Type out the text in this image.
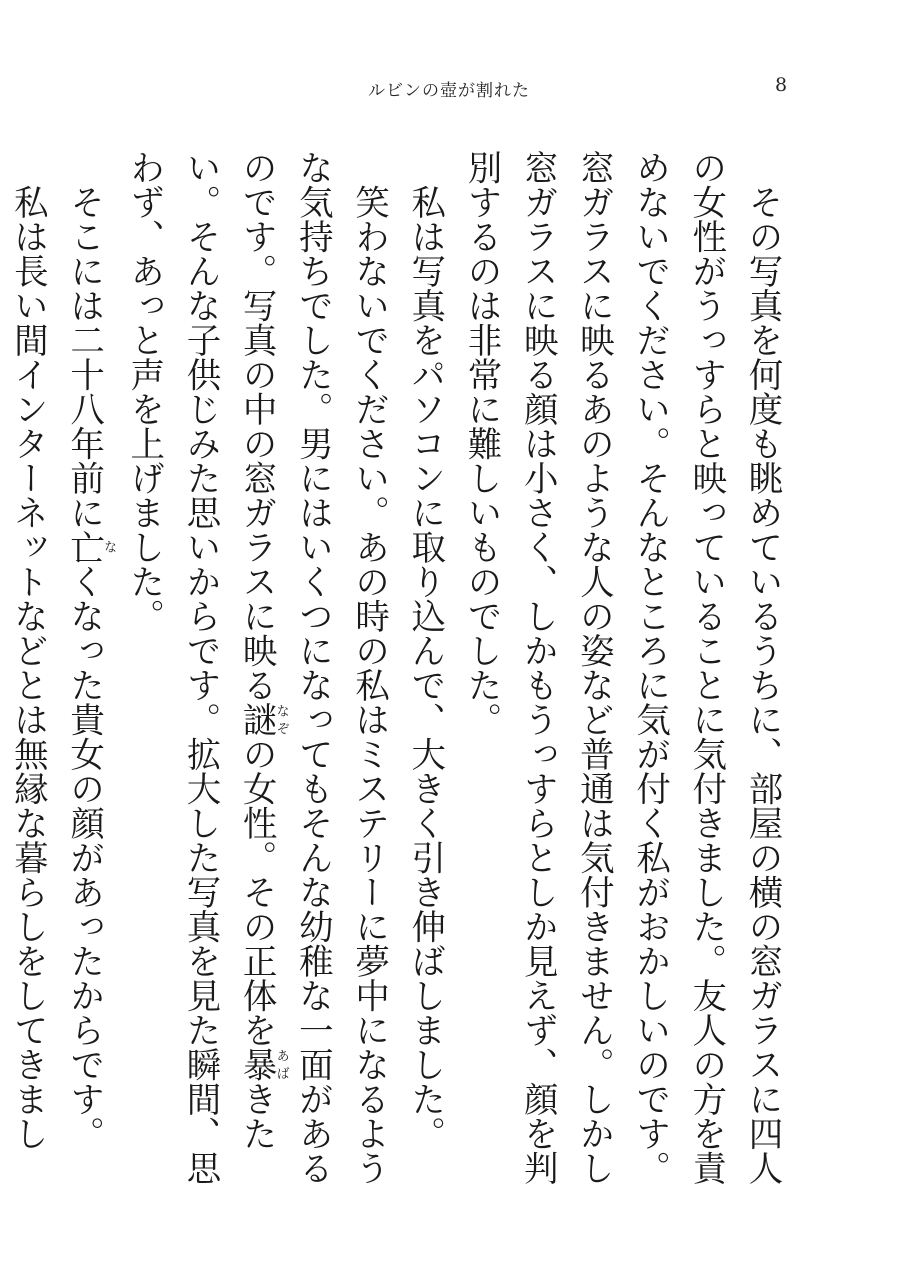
ルビンの壺が割れた	8

　その写真を何度も眺めているうちに、部屋の横の窓ガラスに四人の女性がうっすらと映っていることに気付きました。友人の方を責めないでください。そんなところに気が付く私がおかしいのです。窓ガラスに映るあのような人の姿など普通は気付きません。しかし窓ガラスに映る顔は小さく、しかもうっすらとしか見えず、顔を判別するのは非常に難しいものでした。

　私は写真をパソコンに取り込んで、大きく引き伸ばしました。

　笑わないでください。あの時の私はミステリーに夢中になるような気持ちでした。男にはいくつになってもそんな幼稚な一面があるのです。写真の中の窓ガラスに映る謎なぞの女性。その正体を暴あばきたい。そんな子供じみた思いからです。拡大した写真を見た瞬間、思わず、あっと声を上げました。

　そこには二十八年前に亡なくなった貴女の顔があったからです。

　私は長い間インターネットなどとは無縁な暮らしをしてきまし
